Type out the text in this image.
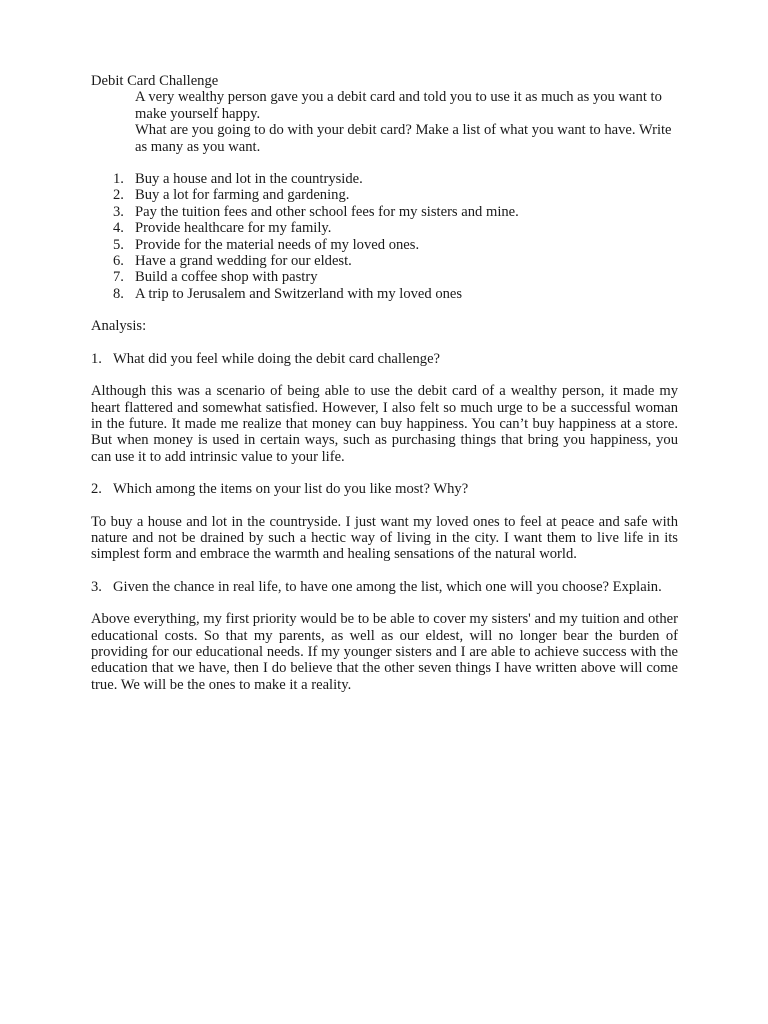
Debit Card Challenge

A very wealthy person gave you a debit card and told you to use it as much as you want to make yourself happy.

What are you going to do with your debit card? Make a list of what you want to have. Write as many as you want.

1. Buy a house and lot in the countryside.
2. Buy a lot for farming and gardening.
3. Pay the tuition fees and other school fees for my sisters and mine.
4. Provide healthcare for my family.
5. Provide for the material needs of my loved ones.
6. Have a grand wedding for our eldest.
7. Build a coffee shop with pastry
8. A trip to Jerusalem and Switzerland with my loved ones

Analysis:

1. What did you feel while doing the debit card challenge?

Although this was a scenario of being able to use the debit card of a wealthy person, it made my heart flattered and somewhat satisfied. However, I also felt so much urge to be a successful woman in the future. It made me realize that money can buy happiness. You can’t buy happiness at a store. But when money is used in certain ways, such as purchasing things that bring you happiness, you can use it to add intrinsic value to your life.

2. Which among the items on your list do you like most? Why?

To buy a house and lot in the countryside. I just want my loved ones to feel at peace and safe with nature and not be drained by such a hectic way of living in the city. I want them to live life in its simplest form and embrace the warmth and healing sensations of the natural world.

3. Given the chance in real life, to have one among the list, which one will you choose? Explain.

Above everything, my first priority would be to be able to cover my sisters' and my tuition and other educational costs. So that my parents, as well as our eldest, will no longer bear the burden of providing for our educational needs. If my younger sisters and I are able to achieve success with the education that we have, then I do believe that the other seven things I have written above will come true. We will be the ones to make it a reality.
